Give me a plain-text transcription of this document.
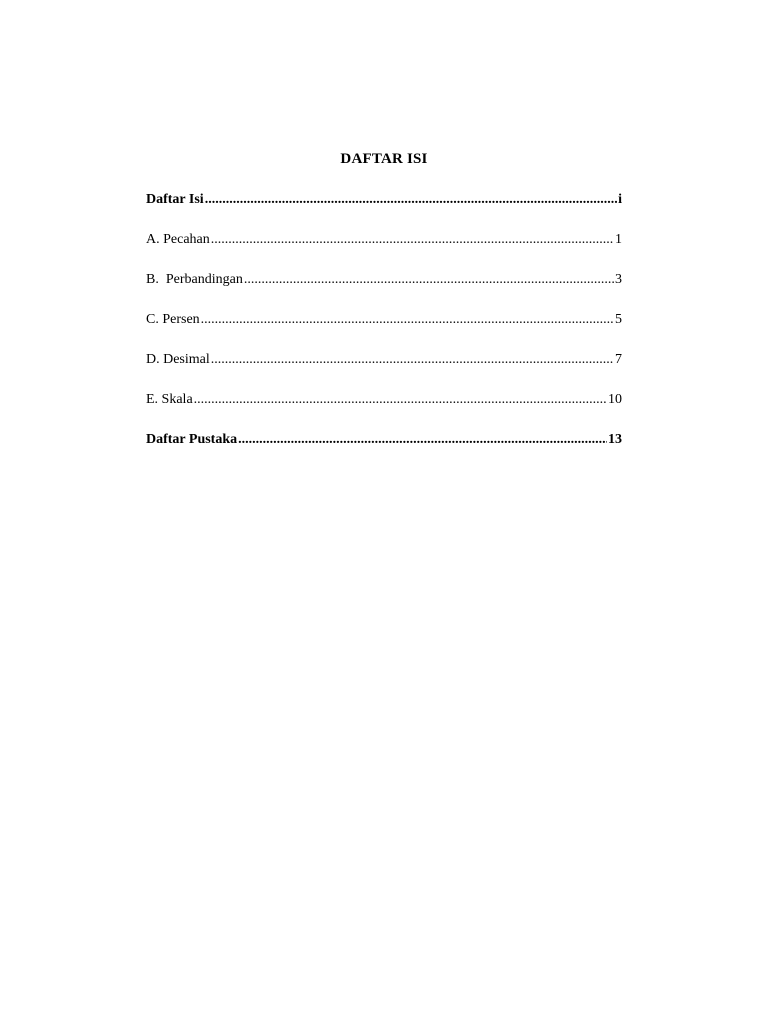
DAFTAR ISI
Daftar Isi .....	i
A. Pecahan .....	1
B.  Perbandingan .....	3
C. Persen .....	5
D. Desimal .....	7
E. Skala .....	10
Daftar Pustaka .....	13
